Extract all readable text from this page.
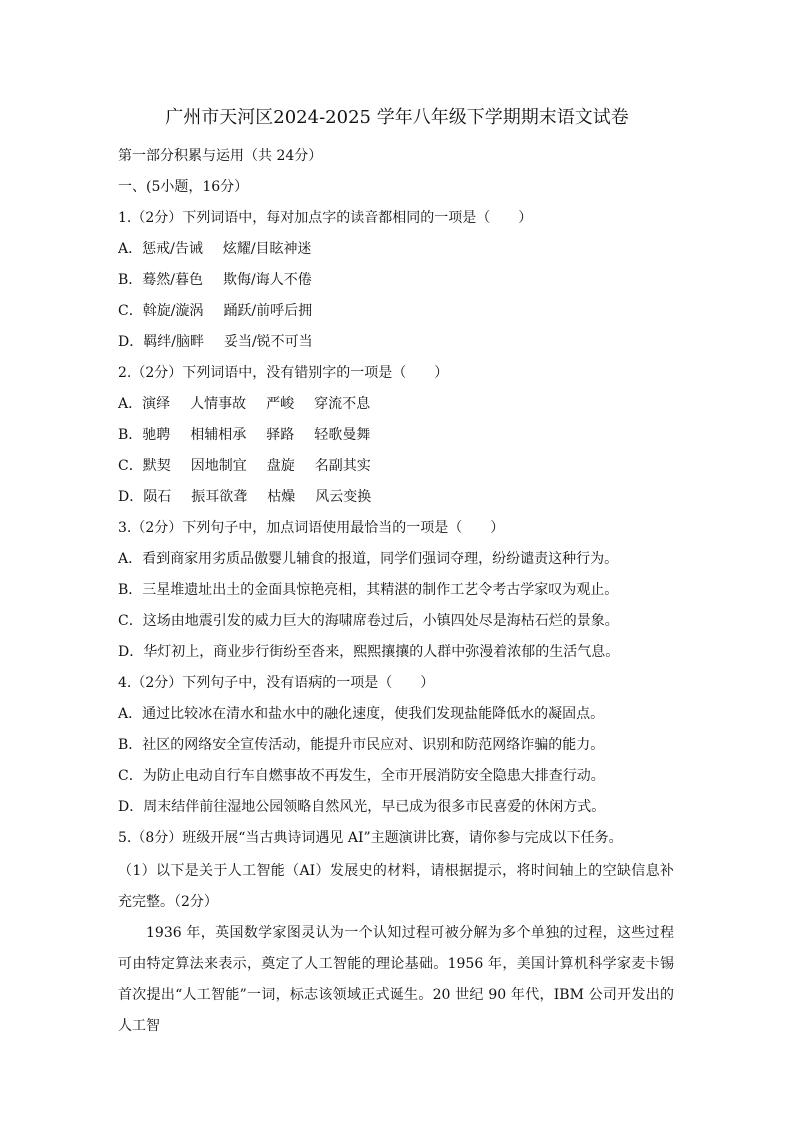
广州市天河区2024-2025 学年八年级下学期期末语文试卷
第一部分积累与运用（共 24分）
一、(5小题，16分）
1.（2分）下列词语中，每对加点字的读音都相同的一项是（　　）
A．惩戒/告诫 炫耀/目眩神迷
B．蓦然/暮色 欺侮/诲人不倦
C．斡旋/漩涡 踊跃/前呼后拥
D．羁绊/脑畔 妥当/锐不可当
2.（2分）下列词语中，没有错别字的一项是（　　）
A．演绎 人情事故 严峻 穿流不息
B．驰聘 相辅相承 驿路 轻歌曼舞
C．默契 因地制宜 盘旋 名副其实
D．陨石 振耳欲聋 枯燥 风云变换
3.（2分）下列句子中，加点词语使用最恰当的一项是（　　）
A．看到商家用劣质品傲婴儿辅食的报道，同学们强词夺理，纷纷谴责这种行为。
B．三星堆遗址出土的金面具惊艳亮相，其精湛的制作工艺令考古学家叹为观止。
C．这场由地震引发的威力巨大的海啸席卷过后，小镇四处尽是海枯石烂的景象。
D．华灯初上，商业步行街纷至沓来，熙熙攘攘的人群中弥漫着浓郁的生活气息。
4.（2分）下列句子中，没有语病的一项是（　　）
A．通过比较冰在清水和盐水中的融化速度，使我们发现盐能降低水的凝固点。
B．社区的网络安全宣传活动，能提升市民应对、识别和防范网络诈骗的能力。
C．为防止电动自行车自燃事故不再发生，全市开展消防安全隐患大排查行动。
D．周末结伴前往湿地公园领略自然风光，早已成为很多市民喜爱的休闲方式。
5.（8分）班级开展“当古典诗词遇见 AI”主题演讲比赛，请你参与完成以下任务。

（1）以下是关于人工智能（AI）发展史的材料，请根据提示，将时间轴上的空缺信息补充完整。（2分）

1936 年，英国数学家图灵认为一个认知过程可被分解为多个单独的过程，这些过程可由特定算法来表示，奠定了人工智能的理论基础。1956 年，美国计算机科学家麦卡锡首次提出“人工智能”一词，标志该领域正式诞生。20 世纪 90 年代，IBM 公司开发出的人工智
